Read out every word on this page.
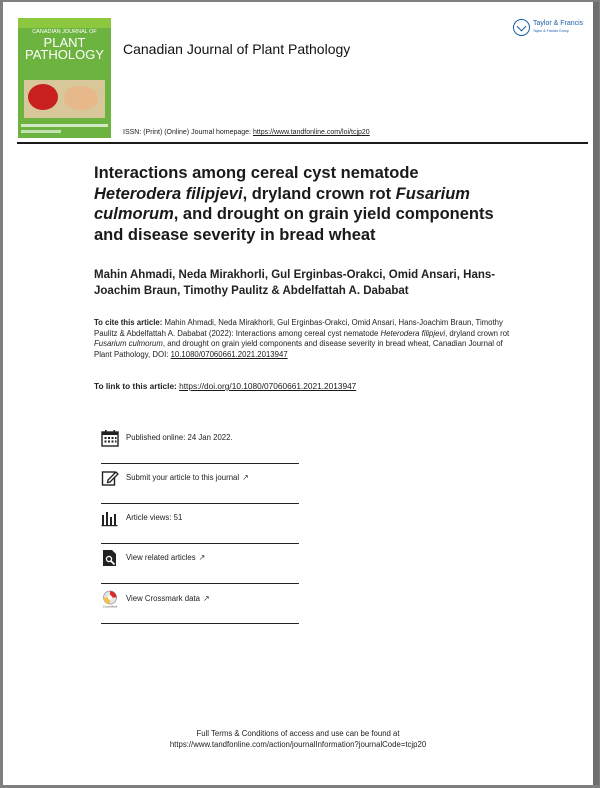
CANADIAN JOURNAL OF
PLANT
PATHOLOGY	Canadian Journal of Plant Pathology
Taylor & Francis
Taylor & Francis Group
ISSN: (Print) (Online) Journal homepage: https://www.tandfonline.com/loi/tcjp20
Interactions among cereal cyst nematode
Heterodera filipjevi, dryland crown rot Fusarium
culmorum, and drought on grain yield components and disease severity in bread wheat
Mahin Ahmadi, Neda Mirakhorli, Gul Erginbas-Orakci, Omid Ansari, Hans-Joachim Braun, Timothy Paulitz & Abdelfattah A. Dababat
To cite this article: Mahin Ahmadi, Neda Mirakhorli, Gul Erginbas-Orakci, Omid Ansari, Hans-Joachim Braun, Timothy Paulitz & Abdelfattah A. Dababat (2022): Interactions among cereal cyst nematode Heterodera filipjevi, dryland crown rot Fusarium culmorum, and drought on grain yield components and disease severity in bread wheat, Canadian Journal of Plant Pathology, DOI: 10.1080/07060661.2021.2013947
To link to this article: https://doi.org/10.1080/07060661.2021.2013947
Published online: 24 Jan 2022.
Submit your article to this journal ↗
Article views: 51
View related articles ↗
CrossMark
View Crossmark data ↗
Full Terms & Conditions of access and use can be found at
https://www.tandfonline.com/action/journalInformation?journalCode=tcjp20
